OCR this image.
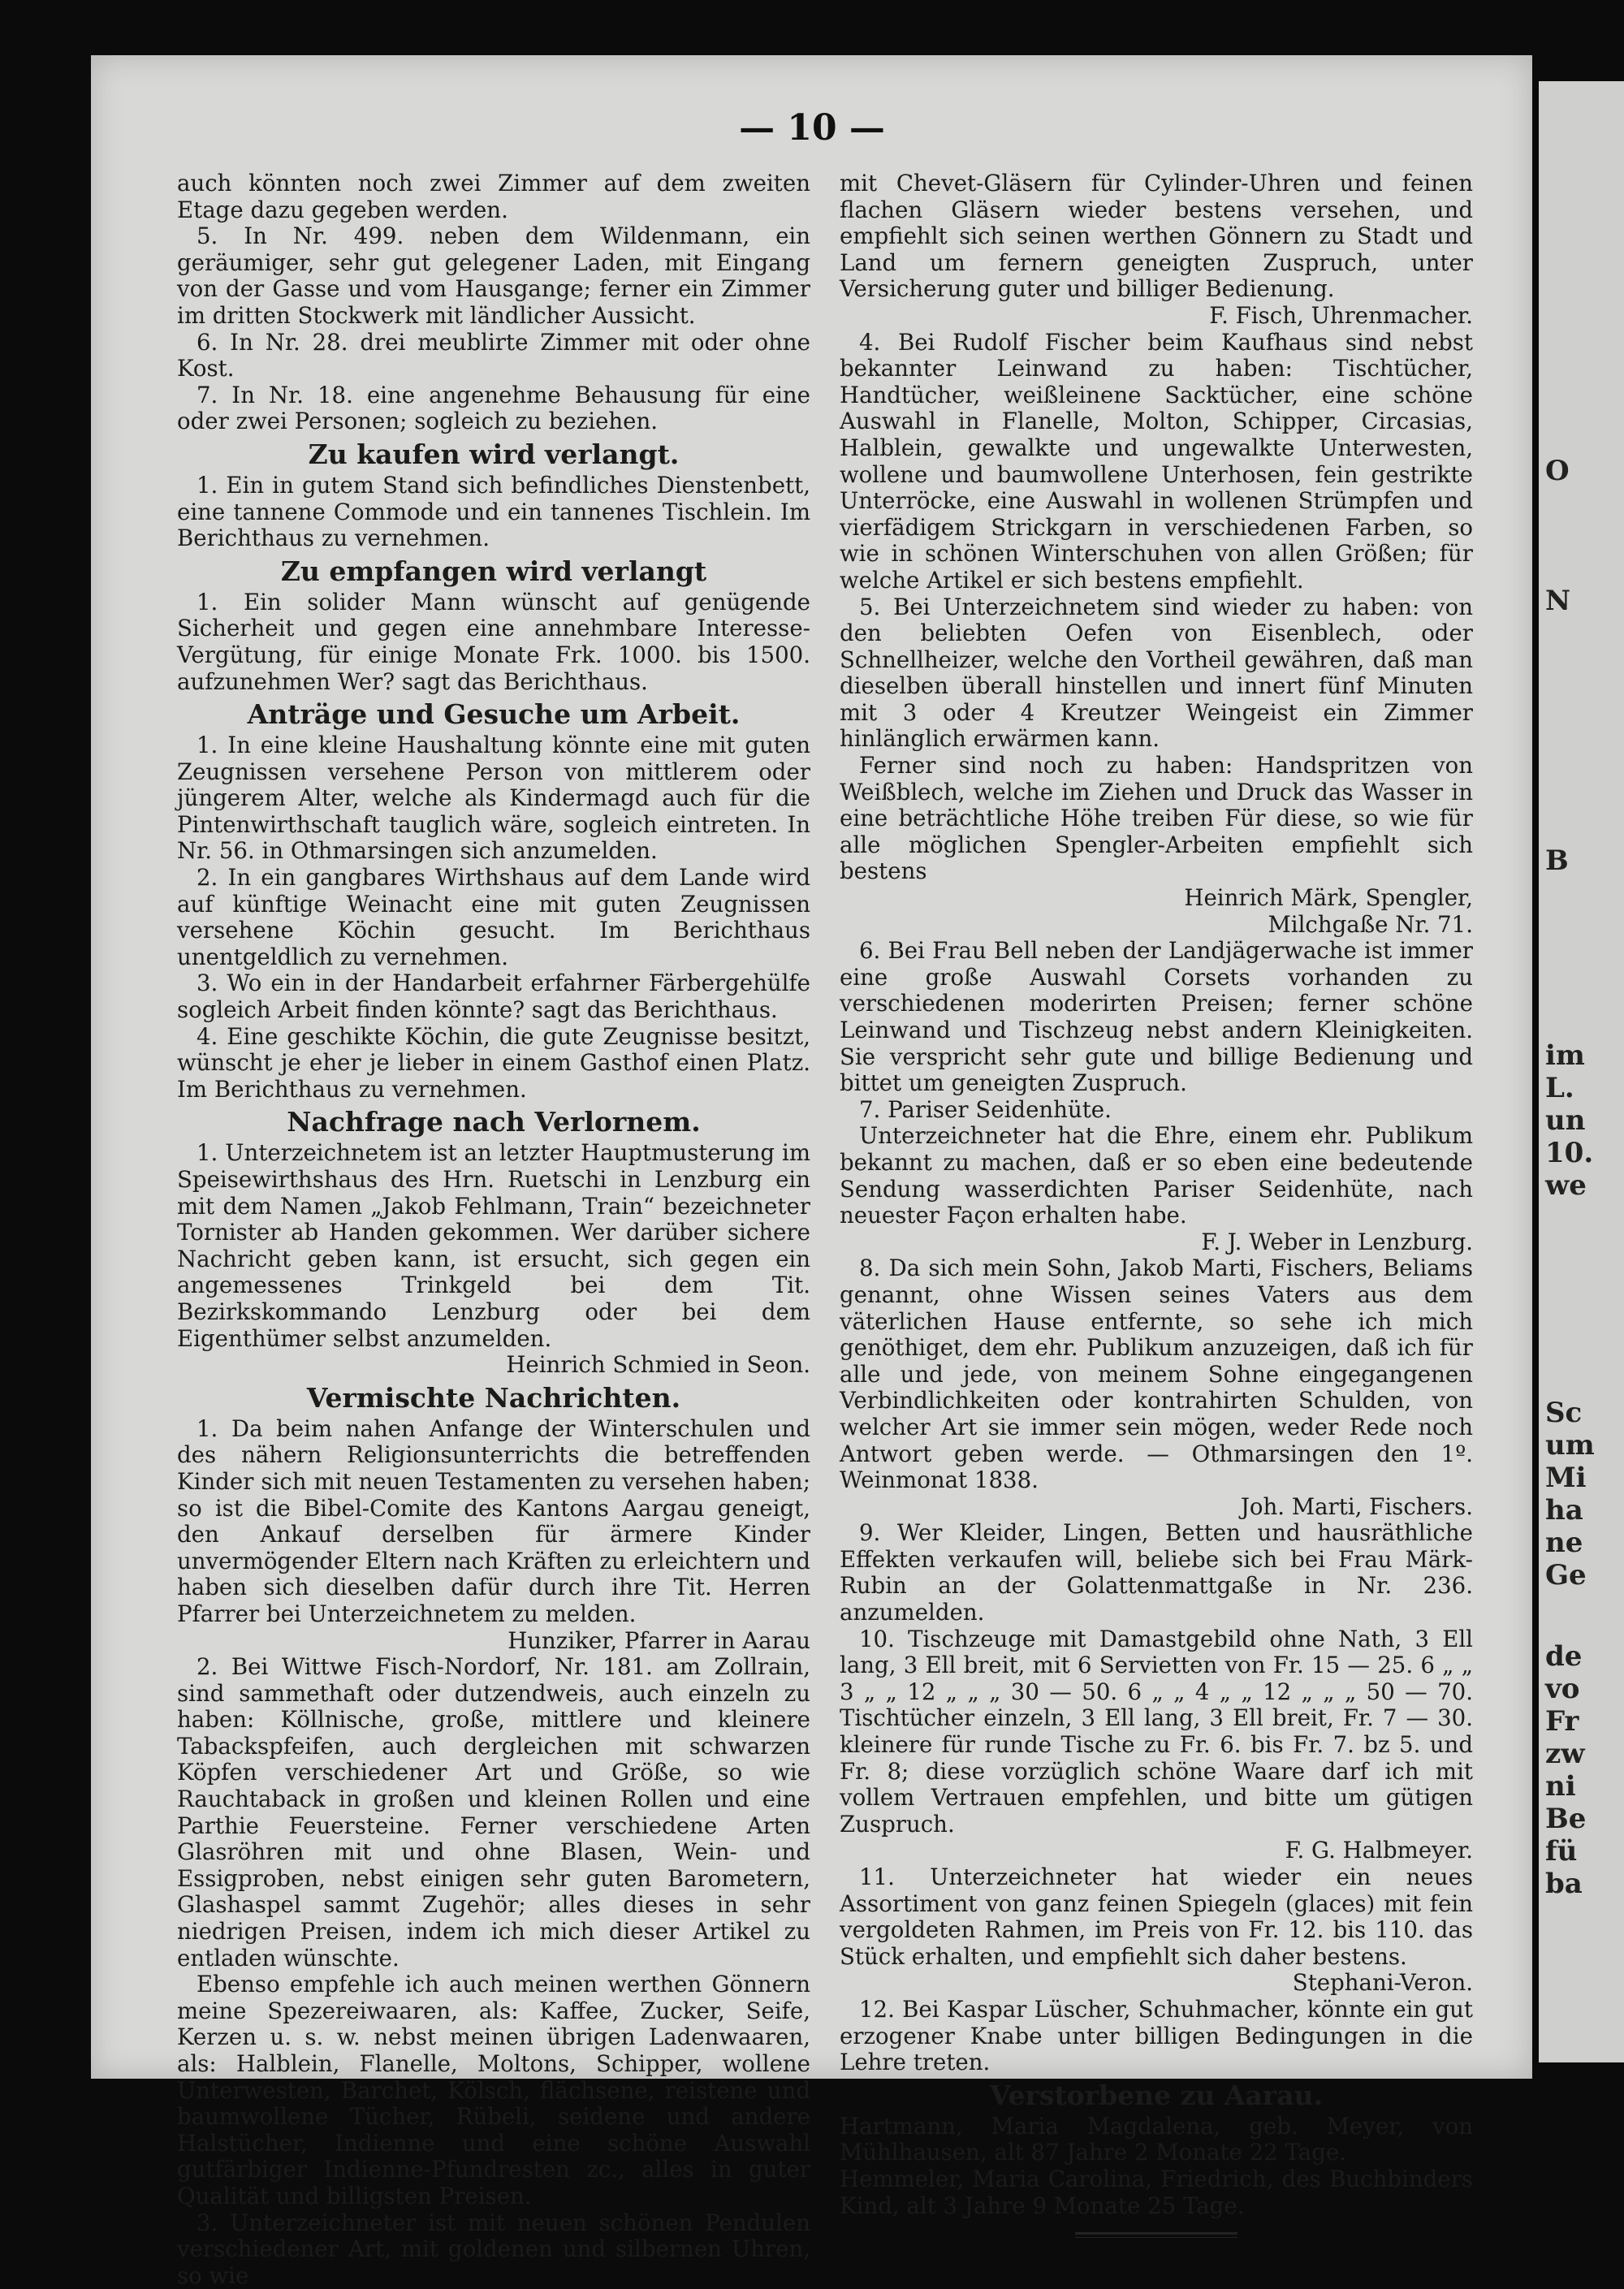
O
N
B
im
L.
un
10.
we
Sc
um
Mi
ha
ne
Ge
de
vo
Fr
zw
ni
Be
fü
ba
— 10 —

auch könnten noch zwei Zimmer auf dem zweiten Etage dazu gegeben werden.

5. In Nr. 499. neben dem Wildenmann, ein geräumiger, sehr gut gelegener Laden, mit Eingang von der Gasse und vom Hausgange; ferner ein Zimmer im dritten Stockwerk mit ländlicher Aussicht.

6. In Nr. 28. drei meublirte Zimmer mit oder ohne Kost.

7. In Nr. 18. eine angenehme Behausung für eine oder zwei Personen; sogleich zu beziehen.

Zu kaufen wird verlangt.

1. Ein in gutem Stand sich befindliches Dienstenbett, eine tannene Commode und ein tannenes Tischlein. Im Berichthaus zu vernehmen.

Zu empfangen wird verlangt

1. Ein solider Mann wünscht auf genügende Sicherheit und gegen eine annehmbare Interesse-Vergütung, für einige Monate Frk. 1000. bis 1500. aufzunehmen Wer? sagt das Berichthaus.

Anträge und Gesuche um Arbeit.

1. In eine kleine Haushaltung könnte eine mit guten Zeugnissen versehene Person von mittlerem oder jüngerem Alter, welche als Kindermagd auch für die Pintenwirthschaft tauglich wäre, sogleich eintreten. In Nr. 56. in Othmarsingen sich anzumelden.

2. In ein gangbares Wirthshaus auf dem Lande wird auf künftige Weinacht eine mit guten Zeugnissen versehene Köchin gesucht. Im Berichthaus unentgeldlich zu vernehmen.

3. Wo ein in der Handarbeit erfahrner Färbergehülfe sogleich Arbeit finden könnte? sagt das Berichthaus.

4. Eine geschikte Köchin, die gute Zeugnisse besitzt, wünscht je eher je lieber in einem Gasthof einen Platz. Im Berichthaus zu vernehmen.

Nachfrage nach Verlornem.

1. Unterzeichnetem ist an letzter Hauptmusterung im Speisewirthshaus des Hrn. Ruetschi in Lenzburg ein mit dem Namen „Jakob Fehlmann, Train“ bezeichneter Tornister ab Handen gekommen. Wer darüber sichere Nachricht geben kann, ist ersucht, sich gegen ein angemessenes Trinkgeld bei dem Tit. Bezirkskommando Lenzburg oder bei dem Eigenthümer selbst anzumelden.

Heinrich Schmied in Seon.

Vermischte Nachrichten.

1. Da beim nahen Anfange der Winterschulen und des nähern Religionsunterrichts die betreffenden Kinder sich mit neuen Testamenten zu versehen haben; so ist die Bibel-Comite des Kantons Aargau geneigt, den Ankauf derselben für ärmere Kinder unvermögender Eltern nach Kräften zu erleichtern und haben sich dieselben dafür durch ihre Tit. Herren Pfarrer bei Unterzeichnetem zu melden.

Hunziker, Pfarrer in Aarau

2. Bei Wittwe Fisch-Nordorf, Nr. 181. am Zollrain, sind sammethaft oder dutzendweis, auch einzeln zu haben: Köllnische, große, mittlere und kleinere Tabackspfeifen, auch dergleichen mit schwarzen Köpfen verschiedener Art und Größe, so wie Rauchtaback in großen und kleinen Rollen und eine Parthie Feuersteine. Ferner verschiedene Arten Glasröhren mit und ohne Blasen, Wein- und Essigproben, nebst einigen sehr guten Barometern, Glashaspel sammt Zugehör; alles dieses in sehr niedrigen Preisen, indem ich mich dieser Artikel zu entladen wünschte.

Ebenso empfehle ich auch meinen werthen Gönnern meine Spezereiwaaren, als: Kaffee, Zucker, Seife, Kerzen u. s. w. nebst meinen übrigen Ladenwaaren, als: Halblein, Flanelle, Moltons, Schipper, wollene Unterwesten, Barchet, Kölsch, flächsene, reistene und baumwollene Tücher, Rübeli, seidene und andere Halstücher, Indienne und eine schöne Auswahl gutfärbiger Indienne-Pfundresten zc., alles in guter Qualität und billigsten Preisen.

3. Unterzeichneter ist mit neuen schönen Pendulen verschiedener Art, mit goldenen und silbernen Uhren, so wie

mit Chevet-Gläsern für Cylinder-Uhren und feinen flachen Gläsern wieder bestens versehen, und empfiehlt sich seinen werthen Gönnern zu Stadt und Land um fernern geneigten Zuspruch, unter Versicherung guter und billiger Bedienung.

F. Fisch, Uhrenmacher.

4. Bei Rudolf Fischer beim Kaufhaus sind nebst bekannter Leinwand zu haben: Tischtücher, Handtücher, weißleinene Sacktücher, eine schöne Auswahl in Flanelle, Molton, Schipper, Circasias, Halblein, gewalkte und ungewalkte Unterwesten, wollene und baumwollene Unterhosen, fein gestrikte Unterröcke, eine Auswahl in wollenen Strümpfen und vierfädigem Strickgarn in verschiedenen Farben, so wie in schönen Winterschuhen von allen Größen; für welche Artikel er sich bestens empfiehlt.

5. Bei Unterzeichnetem sind wieder zu haben: von den beliebten Oefen von Eisenblech, oder Schnellheizer, welche den Vortheil gewähren, daß man dieselben überall hinstellen und innert fünf Minuten mit 3 oder 4 Kreutzer Weingeist ein Zimmer hinlänglich erwärmen kann.

Ferner sind noch zu haben: Handspritzen von Weißblech, welche im Ziehen und Druck das Wasser in eine beträchtliche Höhe treiben Für diese, so wie für alle möglichen Spengler-Arbeiten empfiehlt sich bestens

Heinrich Märk, Spengler,

Milchgaße Nr. 71.

6. Bei Frau Bell neben der Landjägerwache ist immer eine große Auswahl Corsets vorhanden zu verschiedenen moderirten Preisen; ferner schöne Leinwand und Tischzeug nebst andern Kleinigkeiten. Sie verspricht sehr gute und billige Bedienung und bittet um geneigten Zuspruch.

7. Pariser Seidenhüte.

Unterzeichneter hat die Ehre, einem ehr. Publikum bekannt zu machen, daß er so eben eine bedeutende Sendung wasserdichten Pariser Seidenhüte, nach neuester Façon erhalten habe.

F. J. Weber in Lenzburg.

8. Da sich mein Sohn, Jakob Marti, Fischers, Beliams genannt, ohne Wissen seines Vaters aus dem väterlichen Hause entfernte, so sehe ich mich genöthiget, dem ehr. Publikum anzuzeigen, daß ich für alle und jede, von meinem Sohne eingegangenen Verbindlichkeiten oder kontrahirten Schulden, von welcher Art sie immer sein mögen, weder Rede noch Antwort geben werde. — Othmarsingen den 1º. Weinmonat 1838.

Joh. Marti, Fischers.

9. Wer Kleider, Lingen, Betten und hausräthliche Effekten verkaufen will, beliebe sich bei Frau Märk-Rubin an der Golattenmattgaße in Nr. 236. anzumelden.

10. Tischzeuge mit Damastgebild ohne Nath, 3 Ell lang, 3 Ell breit, mit 6 Servietten von Fr. 15 — 25. 6 „ „ 3 „ „ 12 „ „ „ 30 — 50. 6 „ „ 4 „ „ 12 „ „ „ 50 — 70. Tischtücher einzeln, 3 Ell lang, 3 Ell breit, Fr. 7 — 30. kleinere für runde Tische zu Fr. 6. bis Fr. 7. bz 5. und Fr. 8; diese vorzüglich schöne Waare darf ich mit vollem Vertrauen empfehlen, und bitte um gütigen Zuspruch.

F. G. Halbmeyer.

11. Unterzeichneter hat wieder ein neues Assortiment von ganz feinen Spiegeln (glaces) mit fein vergoldeten Rahmen, im Preis von Fr. 12. bis 110. das Stück erhalten, und empfiehlt sich daher bestens.

Stephani-Veron.

12. Bei Kaspar Lüscher, Schuhmacher, könnte ein gut erzogener Knabe unter billigen Bedingungen in die Lehre treten.

Verstorbene zu Aarau.

Hartmann, Maria Magdalena, geb. Meyer, von Mühlhausen, alt 87 Jahre 2 Monate 22 Tage.

Hemmeler, Maria Carolina, Friedrich, des Buchbinders Kind, alt 3 Jahre 9 Monate 25 Tage.
